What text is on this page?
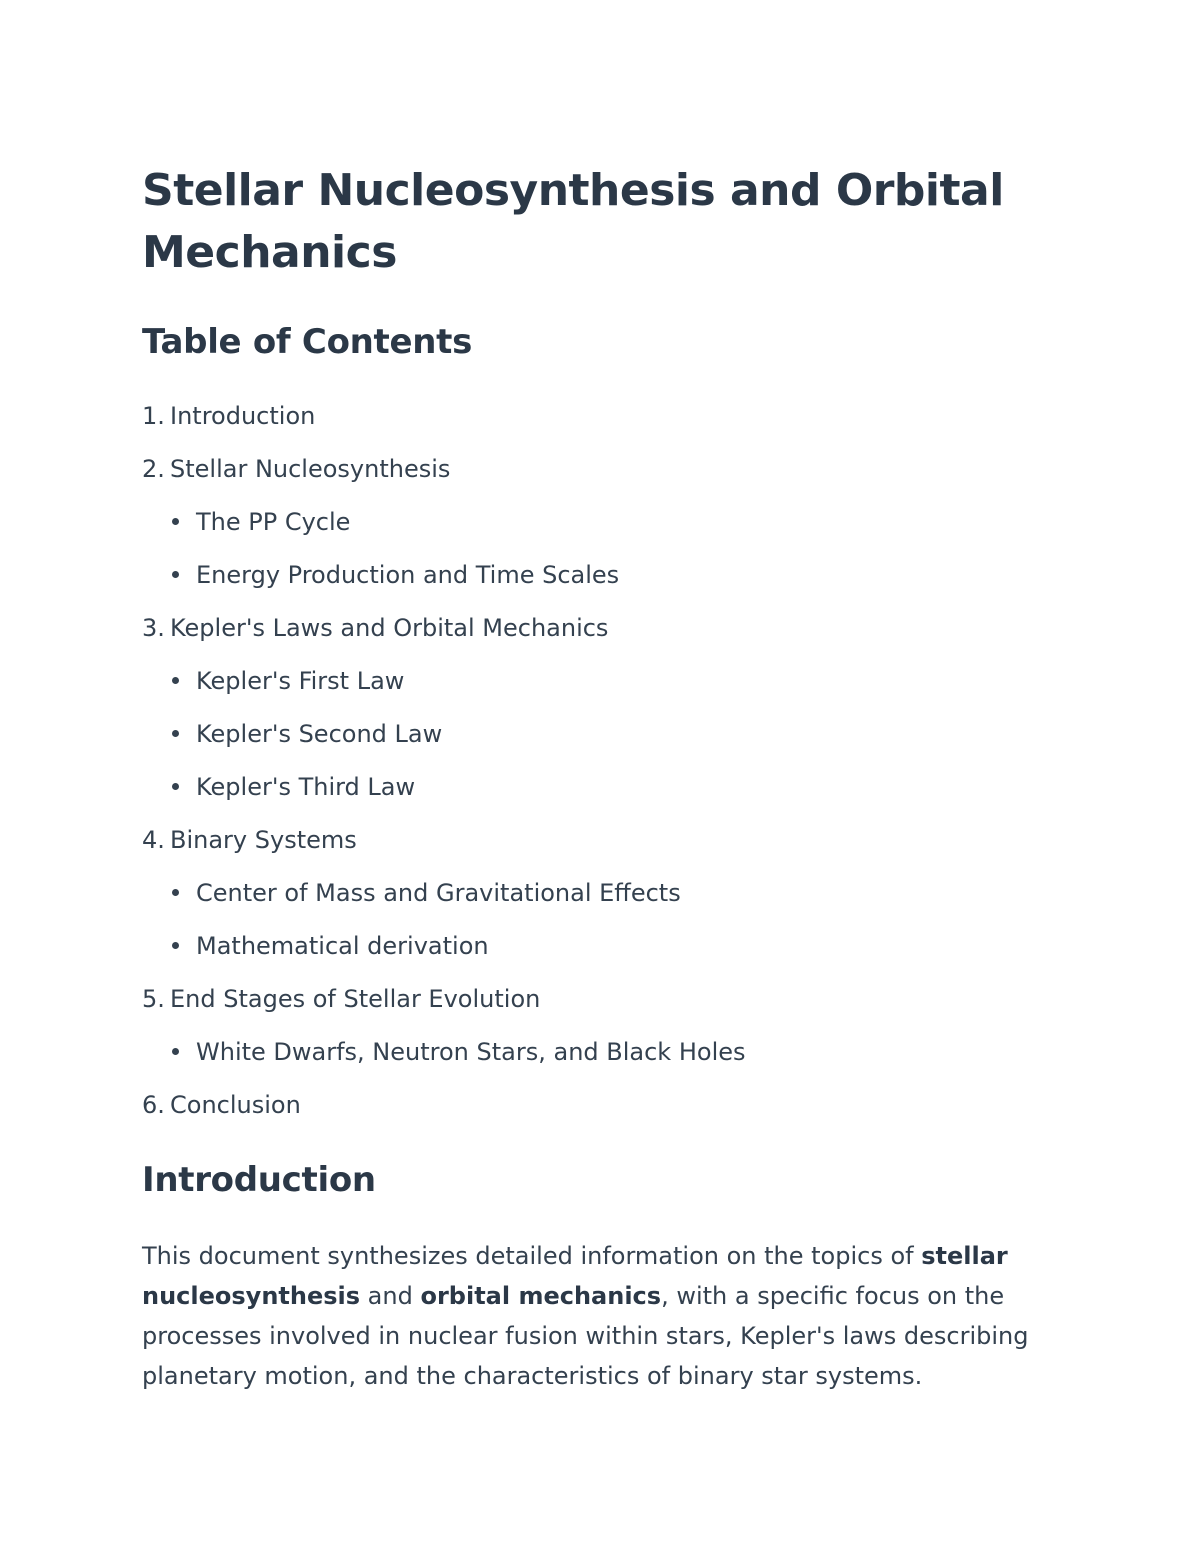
Stellar Nucleosynthesis and Orbital Mechanics
Table of Contents
1. Introduction
2. Stellar Nucleosynthesis
The PP Cycle
Energy Production and Time Scales
3. Kepler's Laws and Orbital Mechanics
Kepler's First Law
Kepler's Second Law
Kepler's Third Law
4. Binary Systems
Center of Mass and Gravitational Effects
Mathematical derivation
5. End Stages of Stellar Evolution
White Dwarfs, Neutron Stars, and Black Holes
6. Conclusion
Introduction

This document synthesizes detailed information on the topics of stellar nucleosynthesis and orbital mechanics, with a specific focus on the processes involved in nuclear fusion within stars, Kepler's laws describing planetary motion, and the characteristics of binary star systems.
